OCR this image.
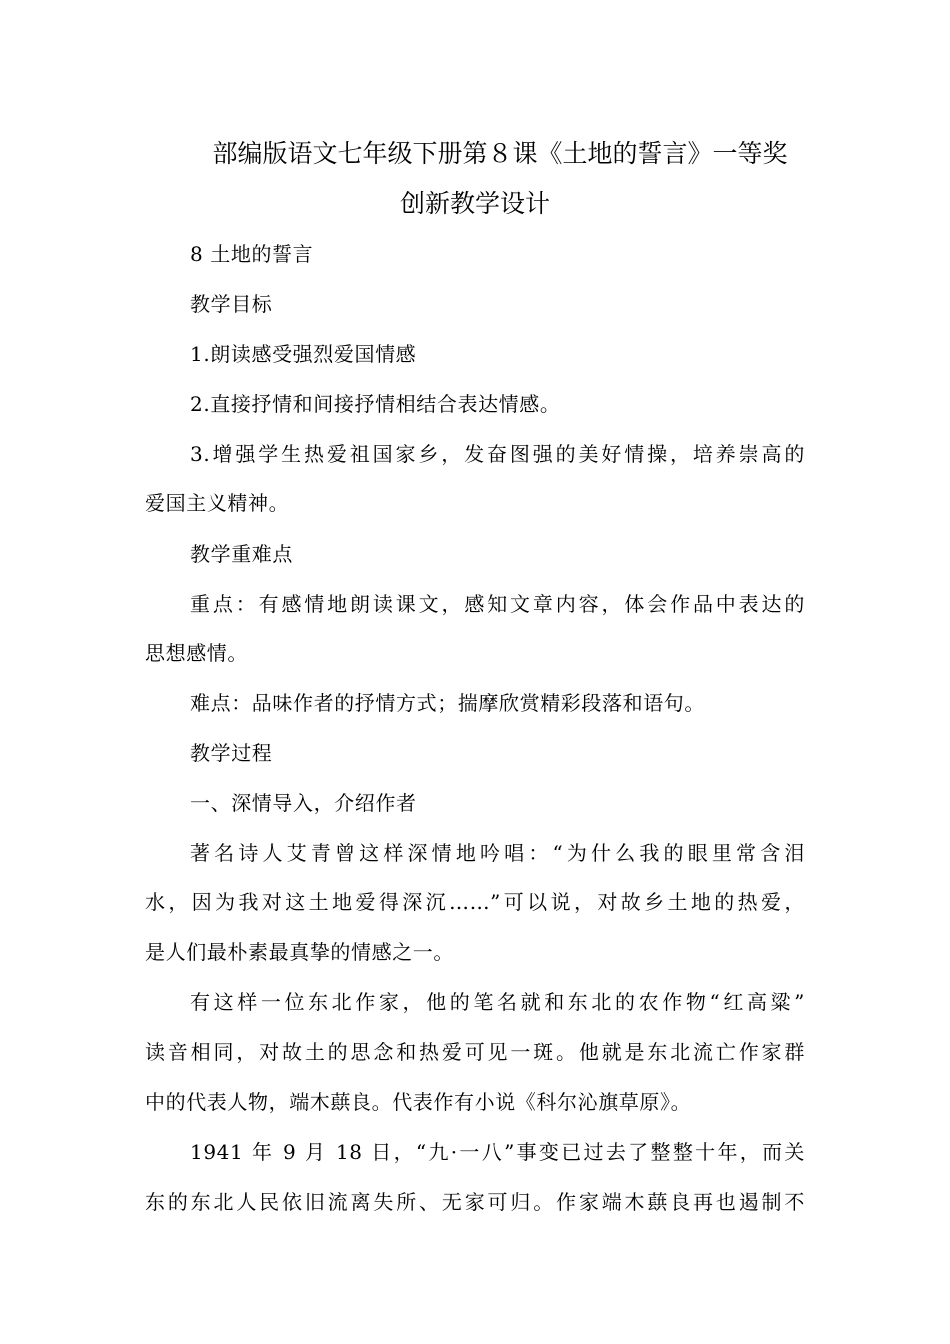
部编版语文七年级下册第８课《土地的誓言》一等奖
创新教学设计
8 土地的誓言
教学目标
1.朗读感受强烈爱国情感
2.直接抒情和间接抒情相结合表达情感。
3.增强学生热爱祖国家乡，发奋图强的美好情操，培养崇高的
爱国主义精神。
教学重难点
重点：有感情地朗读课文，感知文章内容，体会作品中表达的
思想感情。
难点：品味作者的抒情方式；揣摩欣赏精彩段落和语句。
教学过程
一、深情导入，介绍作者
著名诗人艾青曾这样深情地吟唱：“为什么我的眼里常含泪
水，因为我对这土地爱得深沉……”可以说，对故乡土地的热爱，
是人们最朴素最真挚的情感之一。
有这样一位东北作家，他的笔名就和东北的农作物“红高粱”
读音相同，对故土的思念和热爱可见一斑。他就是东北流亡作家群
中的代表人物，端木蕻良。代表作有小说《科尔沁旗草原》。
1941 年 9 月 18 日，“九·一八”事变已过去了整整十年，而关
东的东北人民依旧流离失所、无家可归。作家端木蕻良再也遏制不
